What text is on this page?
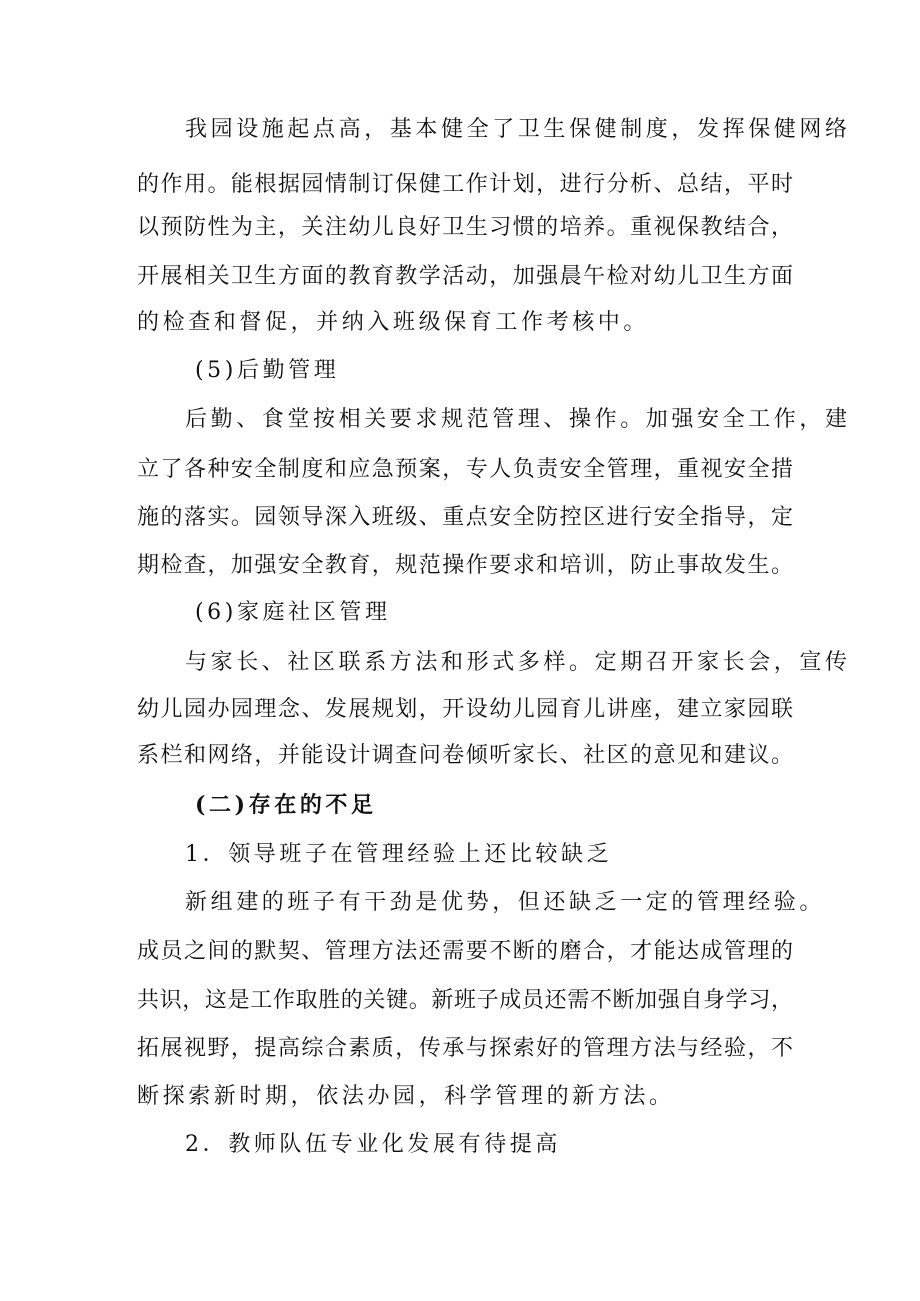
我园设施起点高，基本健全了卫生保健制度，发挥保健网络
的作用。能根据园情制订保健工作计划，进行分析、总结，平时
以预防性为主，关注幼儿良好卫生习惯的培养。重视保教结合，
开展相关卫生方面的教育教学活动，加强晨午检对幼儿卫生方面
的检查和督促，并纳入班级保育工作考核中。
(5)后勤管理
后勤、食堂按相关要求规范管理、操作。加强安全工作，建
立了各种安全制度和应急预案，专人负责安全管理，重视安全措
施的落实。园领导深入班级、重点安全防控区进行安全指导，定
期检查，加强安全教育，规范操作要求和培训，防止事故发生。
(6)家庭社区管理
与家长、社区联系方法和形式多样。定期召开家长会，宣传
幼儿园办园理念、发展规划，开设幼儿园育儿讲座，建立家园联
系栏和网络，并能设计调查问卷倾听家长、社区的意见和建议。
(二)存在的不足
1．领导班子在管理经验上还比较缺乏
新组建的班子有干劲是优势，但还缺乏一定的管理经验。
成员之间的默契、管理方法还需要不断的磨合，才能达成管理的
共识，这是工作取胜的关键。新班子成员还需不断加强自身学习，
拓展视野，提高综合素质，传承与探索好的管理方法与经验，不
断探索新时期，依法办园，科学管理的新方法。
2．教师队伍专业化发展有待提高
